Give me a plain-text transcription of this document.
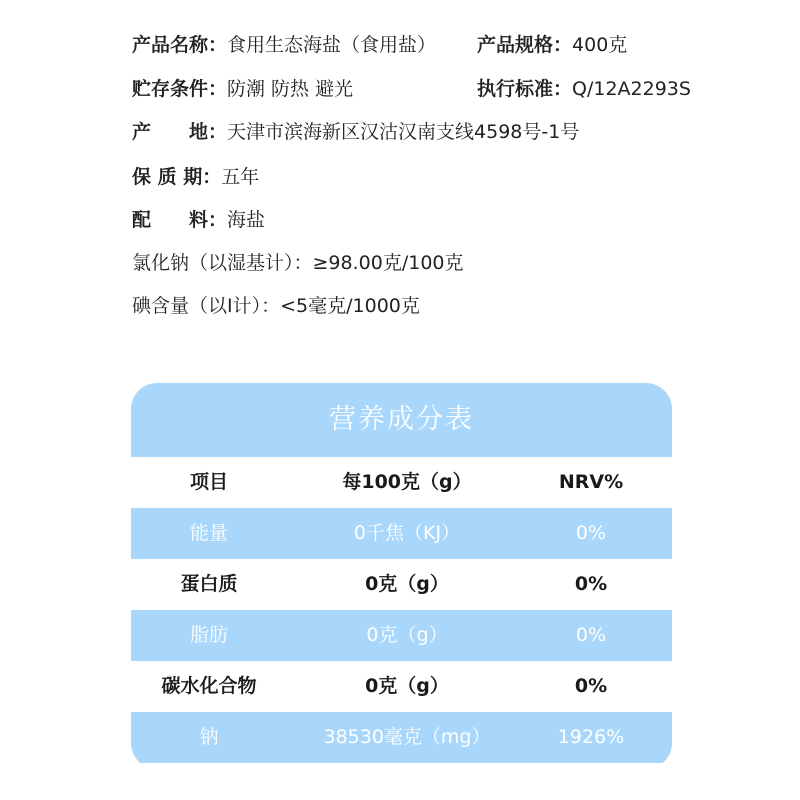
产品名称：食用生态海盐（食用盐） 产品规格：400克
贮存条件：防潮 防热 避光	执行标准：Q/12A2293S
产 地：天津市滨海新区汉沽汉南支线4598号-1号
保 质 期：五年
配 料：海盐
氯化钠（以湿基计）：≥98.00克/100克
碘含量（以I计）：<5毫克/1000克
营养成分表
项目	每100克（g）	NRV%
能量	0千焦（KJ）	0%
蛋白质	0克（g）	0%
脂肪	0克（g）	0%
碳水化合物	0克（g）	0%
钠	38530毫克（mg）	1926%
